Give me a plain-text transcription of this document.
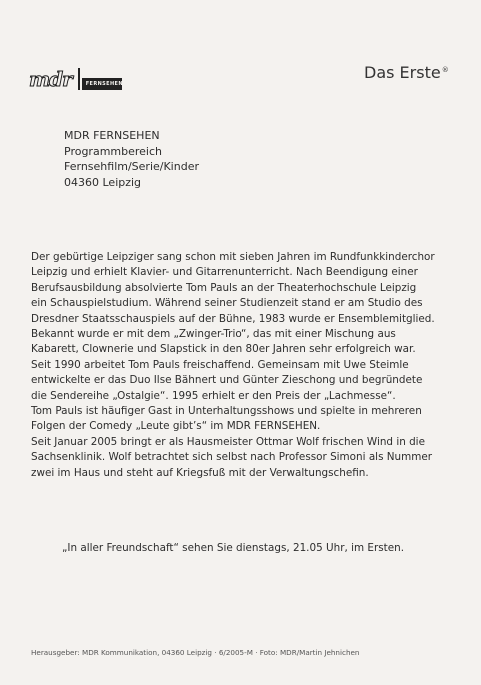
mdr	FERNSEHEN
Das Erste®
MDR FERNSEHEN
Programmbereich
Fernsehfilm/Serie/Kinder
04360 Leipzig
Der gebürtige Leipziger sang schon mit sieben Jahren im Rundfunkkinderchor
Leipzig und erhielt Klavier- und Gitarrenunterricht. Nach Beendigung einer
Berufsausbildung absolvierte Tom Pauls an der Theaterhochschule Leipzig
ein Schauspielstudium. Während seiner Studienzeit stand er am Studio des
Dresdner Staatsschauspiels auf der Bühne, 1983 wurde er Ensemblemitglied.
Bekannt wurde er mit dem „Zwinger-Trio“, das mit einer Mischung aus
Kabarett, Clownerie und Slapstick in den 80er Jahren sehr erfolgreich war.
Seit 1990 arbeitet Tom Pauls freischaffend. Gemeinsam mit Uwe Steimle
entwickelte er das Duo Ilse Bähnert und Günter Zieschong und begründete
die Sendereihe „Ostalgie“. 1995 erhielt er den Preis der „Lachmesse“.
Tom Pauls ist häufiger Gast in Unterhaltungsshows und spielte in mehreren
Folgen der Comedy „Leute gibt’s“ im MDR FERNSEHEN.
Seit Januar 2005 bringt er als Hausmeister Ottmar Wolf frischen Wind in die
Sachsenklinik. Wolf betrachtet sich selbst nach Professor Simoni als Nummer
zwei im Haus und steht auf Kriegsfuß mit der Verwaltungschefin.
„In aller Freundschaft“ sehen Sie dienstags, 21.05 Uhr, im Ersten.
Herausgeber: MDR Kommunikation, 04360 Leipzig · 6/2005-M · Foto: MDR/Martin Jehnichen
